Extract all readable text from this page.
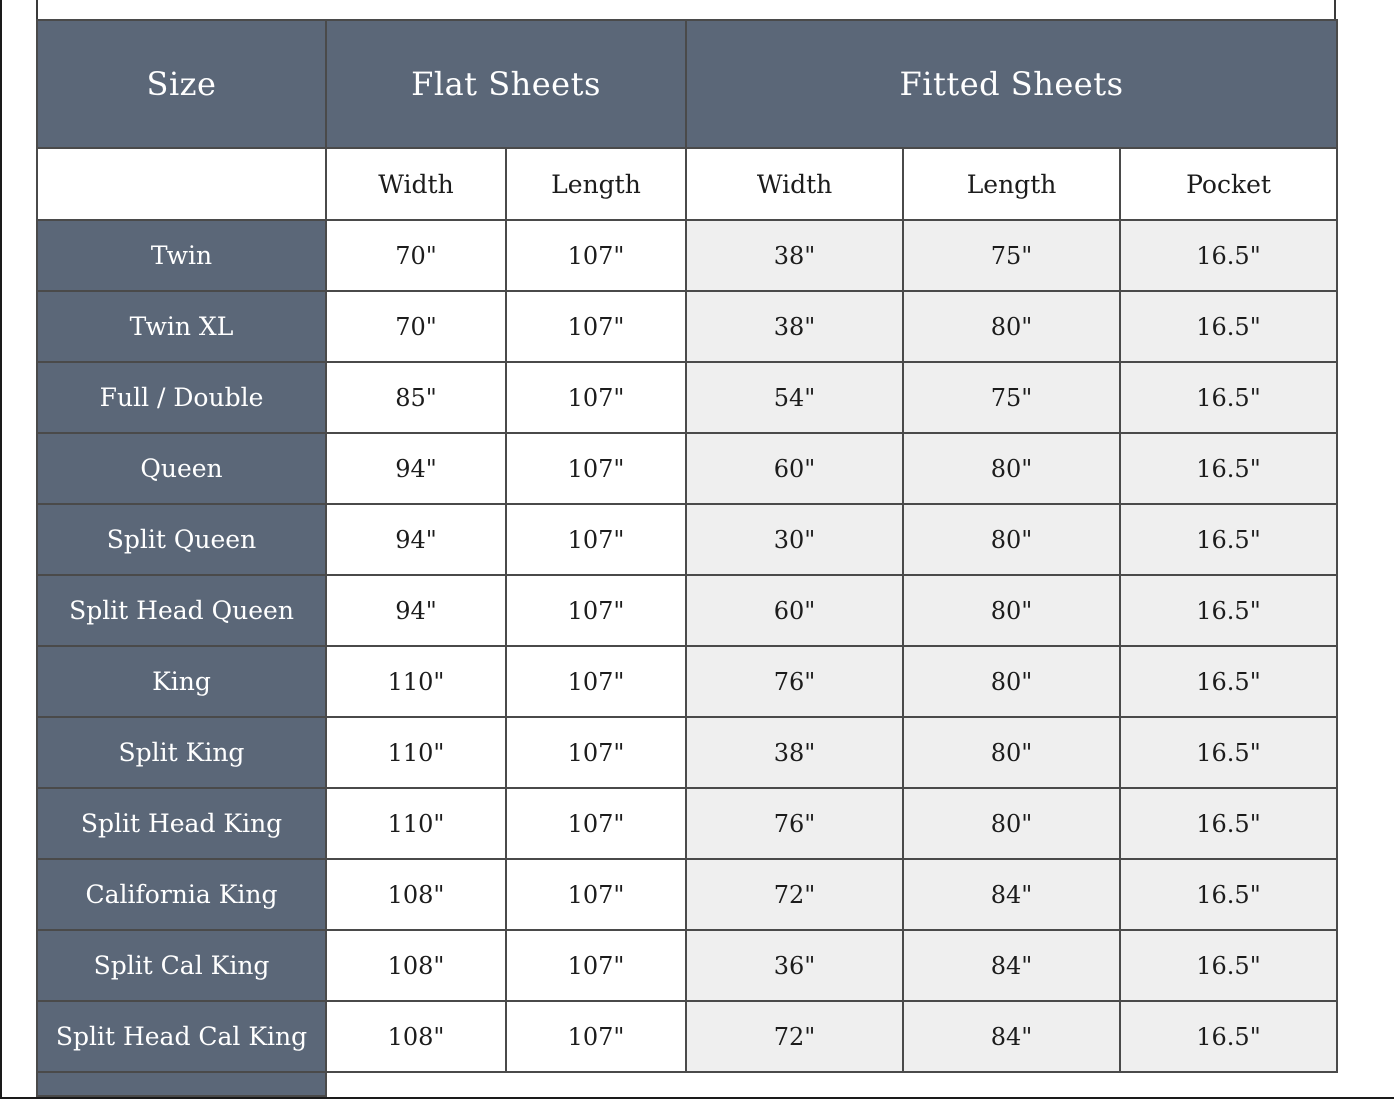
Size	Flat Sheets		Fitted Sheets		
	Width	Length	Width	Length	Pocket
Twin	70"	107"	38"	75"	16.5"
Twin XL	70"	107"	38"	80"	16.5"
Full / Double	85"	107"	54"	75"	16.5"
Queen	94"	107"	60"	80"	16.5"
Split Queen	94"	107"	30"	80"	16.5"
Split Head Queen	94"	107"	60"	80"	16.5"
King	110"	107"	76"	80"	16.5"
Split King	110"	107"	38"	80"	16.5"
Split Head King	110"	107"	76"	80"	16.5"
California King	108"	107"	72"	84"	16.5"
Split Cal King	108"	107"	36"	84"	16.5"
Split Head Cal King	108"	107"	72"	84"	16.5"
